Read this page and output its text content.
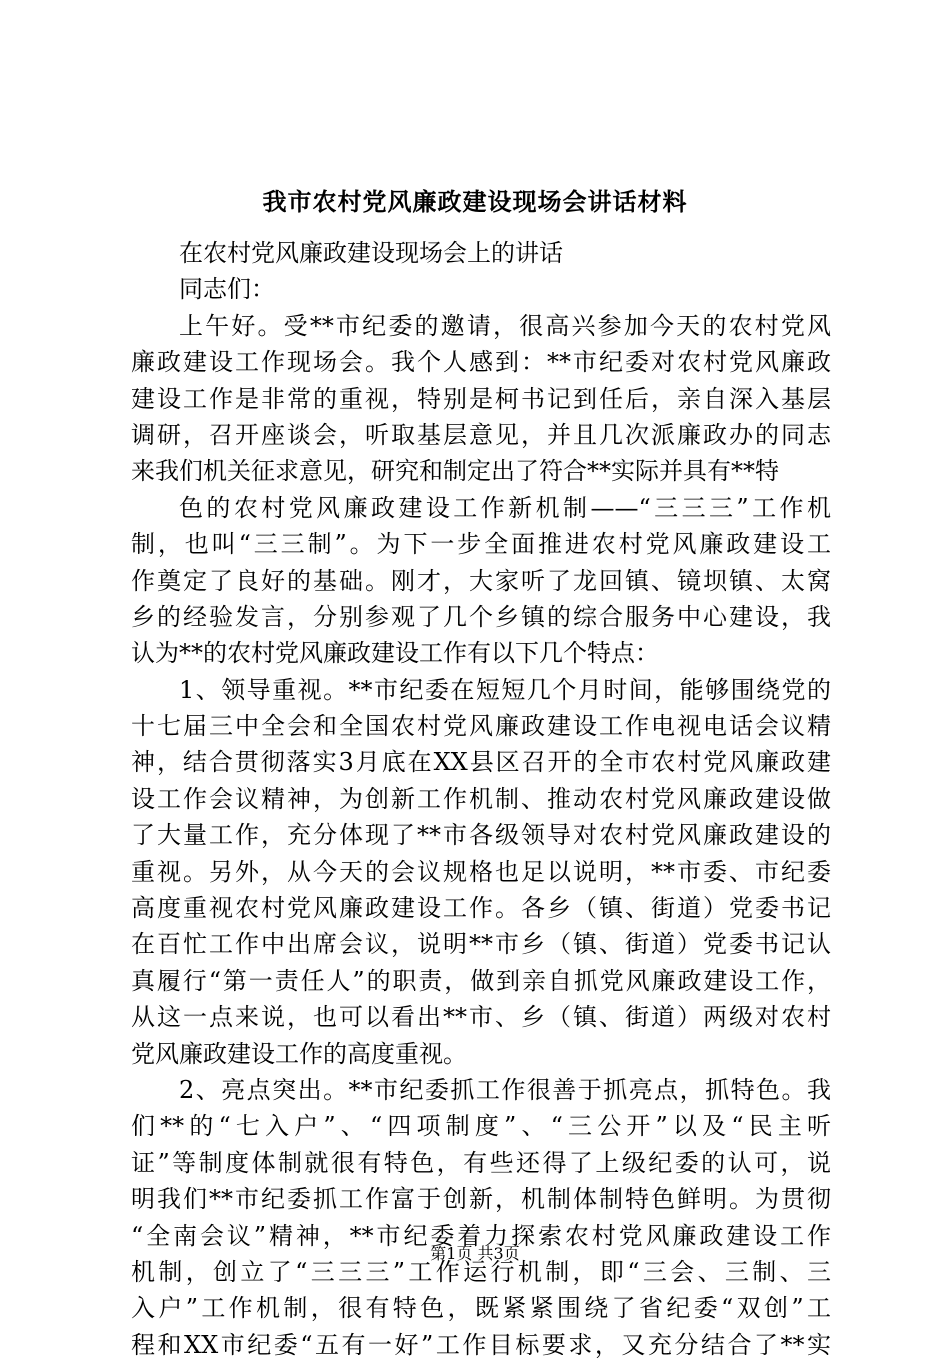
我市农村党风廉政建设现场会讲话材料
在农村党风廉政建设现场会上的讲话
同志们：
上午好。受**市纪委的邀请，很高兴参加今天的农村党风
廉政建设工作现场会。我个人感到：**市纪委对农村党风廉政
建设工作是非常的重视，特别是柯书记到任后，亲自深入基层
调研，召开座谈会，听取基层意见，并且几次派廉政办的同志
来我们机关征求意见，研究和制定出了符合**实际并具有**特
色的农村党风廉政建设工作新机制——“三三三”工作机
制，也叫“三三制”。为下一步全面推进农村党风廉政建设工
作奠定了良好的基础。刚才，大家听了龙回镇、镜坝镇、太窝
乡的经验发言，分别参观了几个乡镇的综合服务中心建设，我
认为**的农村党风廉政建设工作有以下几个特点：
1、领导重视。**市纪委在短短几个月时间，能够围绕党的
十七届三中全会和全国农村党风廉政建设工作电视电话会议精
神，结合贯彻落实3月底在XX县区召开的全市农村党风廉政建
设工作会议精神，为创新工作机制、推动农村党风廉政建设做
了大量工作，充分体现了**市各级领导对农村党风廉政建设的
重视。另外，从今天的会议规格也足以说明，**市委、市纪委
高度重视农村党风廉政建设工作。各乡（镇、街道）党委书记
在百忙工作中出席会议，说明**市乡（镇、街道）党委书记认
真履行“第一责任人”的职责，做到亲自抓党风廉政建设工作，
从这一点来说，也可以看出**市、乡（镇、街道）两级对农村
党风廉政建设工作的高度重视。
2、亮点突出。**市纪委抓工作很善于抓亮点，抓特色。我
们**的“七入户”、“四项制度”、“三公开”以及“民主听
证”等制度体制就很有特色，有些还得了上级纪委的认可，说
明我们**市纪委抓工作富于创新，机制体制特色鲜明。为贯彻
“全南会议”精神，**市纪委着力探索农村党风廉政建设工作
机制，创立了“三三三”工作运行机制，即“三会、三制、三
入户”工作机制，很有特色，既紧紧围绕了省纪委“双创”工
程和XX市纪委“五有一好”工作目标要求，又充分结合了**实
第1页 共3页
